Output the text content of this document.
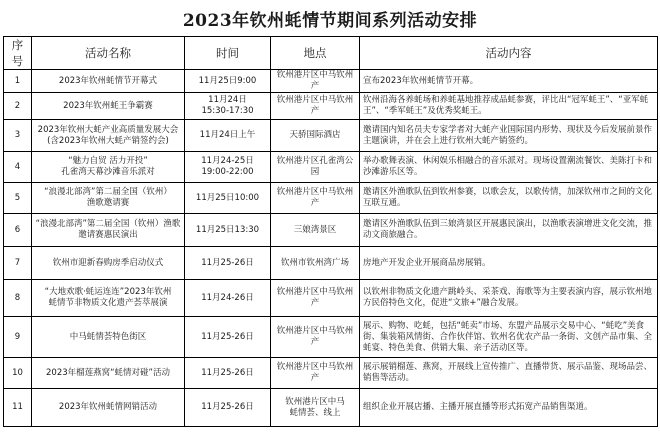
2023年钦州蚝情节期间系列活动安排
序号	活动名称	时间	地点	活动内容
1	2023年钦州蚝情节开幕式	11月25日9:00	钦州港片区中马钦州产	宣布2023年钦州蚝情节开幕。
2	2023年钦州蚝王争霸赛	11月24日
15:30-17:30	钦州港片区中马钦州产	钦州沿海各养蚝场和养蚝基地推荐成品蚝参赛，评比出“冠军蚝王”、“亚军蚝王”、“季军蚝王”及优秀奖蚝王。
3	2023年钦州大蚝产业高质量发展大会
(含2023年钦州大蚝产销签约会)	11月24日上午	天骄国际酒店	邀请国内知名员夫专家学者对大蚝产业国际国内形势、现状及今后发展前景作主题演讲，并在会上进行钦州大蚝产销签约。
4	“魅力自贸 活力开投”
孔雀湾天幕沙滩音乐派对	11月24-25日
19:00-22:00	钦州港片区孔雀湾公园	举办歌舞表演、休闲娱乐相融合的音乐派对。现场设置潮流餐饮、美陈打卡和沙滩游乐区等。
5	“浪漫北部湾”第二届全国（钦州）
渔歌邀请赛	11月25日10:00	钦州港片区中马钦州产	邀请区外渔歌队伍到钦州参赛，以歌会友，以歌传情，加深钦州市之间的文化互联互通。
6	“浪漫北部湾”第二届全国（钦州）渔歌
邀请赛惠民演出	11月25日13:30	三娘湾景区	邀请区外渔歌队伍到三娘湾景区开展惠民演出，以渔歌表演增进文化交流，推动文商旅融合。
7	钦州市迎新春购房季启动仪式	11月25-26日	钦州市钦州湾广场	房地产开发企业开展商品房展销。
8	“大地欢歌·蚝运连连”2023年钦州
蚝情节非物质文化遗产荟萃展演	11月24-26日	钦州港片区中马钦州产	以钦州非物质文化遗产跳岭头、采茶戏、海歌等为主要表演内容，展示钦州地方民俗特色文化，促进“文旅+”融合发展。
9	中马蚝情荟特色街区	11月25-26日	钦州港片区中马钦州产	展示、购物、吃蚝，包括“蚝卖”市场、东盟产品展示交易中心、“蚝吃”美食街、集装箱风情街、合作伙伴馆、钦州名优农产品一条街、文创产品市集、全蚝宴、特色美食、供销大集、亲子活动区等。
10	2023年榴莲燕窝“蚝情对碰”活动	11月25-26日	钦州港片区中马钦州产	展示展销榴莲、燕窝，开展线上宣传推广、直播带货、展示品鉴、现场品尝、销售等活动。
11	2023年钦州蚝情网销活动	11月25-26日	钦州港片区中马
蚝情荟、线上	组织企业开展店播、主播开展直播等形式拓宽产品销售渠道。
